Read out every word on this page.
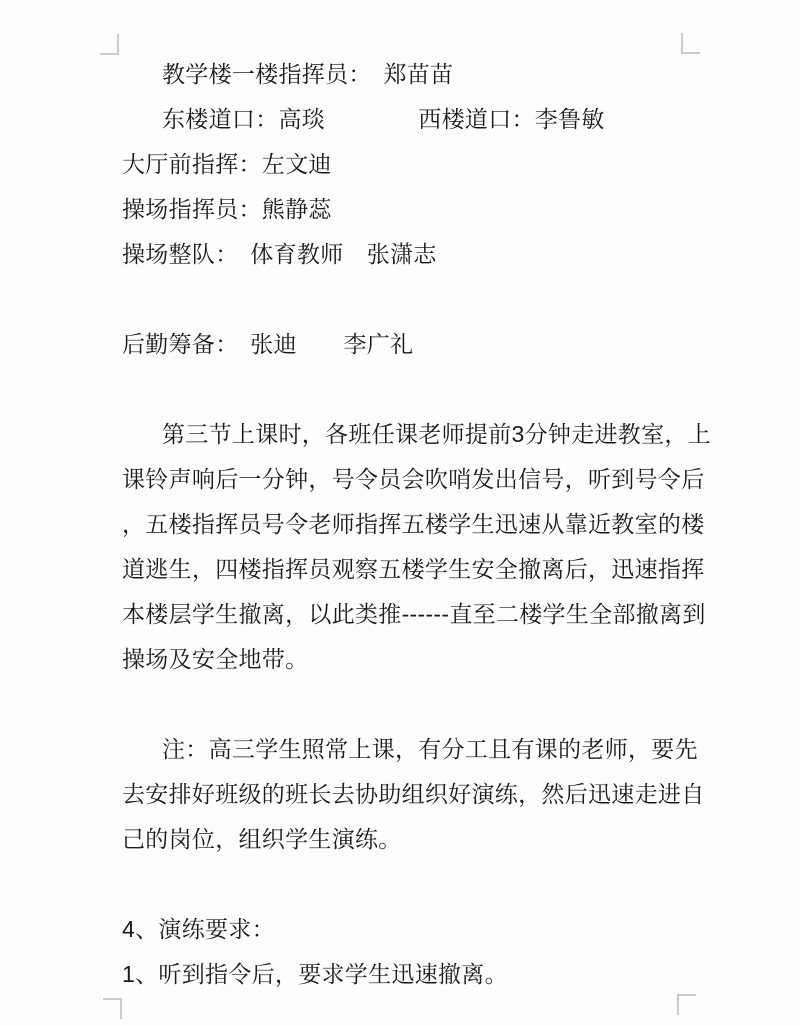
教学楼一楼指挥员：　郑苗苗
东楼道口：高琰　　　　西楼道口：李鲁敏
大厅前指挥：左文迪
操场指挥员：熊静蕊
操场整队：　体育教师　张潇志
后勤筹备：　张迪　　李广礼
第三节上课时，各班任课老师提前3分钟走进教室，上
课铃声响后一分钟，号令员会吹哨发出信号，听到号令后
，五楼指挥员号令老师指挥五楼学生迅速从靠近教室的楼
道逃生，四楼指挥员观察五楼学生安全撤离后，迅速指挥
本楼层学生撤离，以此类推------直至二楼学生全部撤离到
操场及安全地带。
注：高三学生照常上课，有分工且有课的老师，要先
去安排好班级的班长去协助组织好演练，然后迅速走进自
己的岗位，组织学生演练。
4、演练要求：
1、听到指令后，要求学生迅速撤离。
